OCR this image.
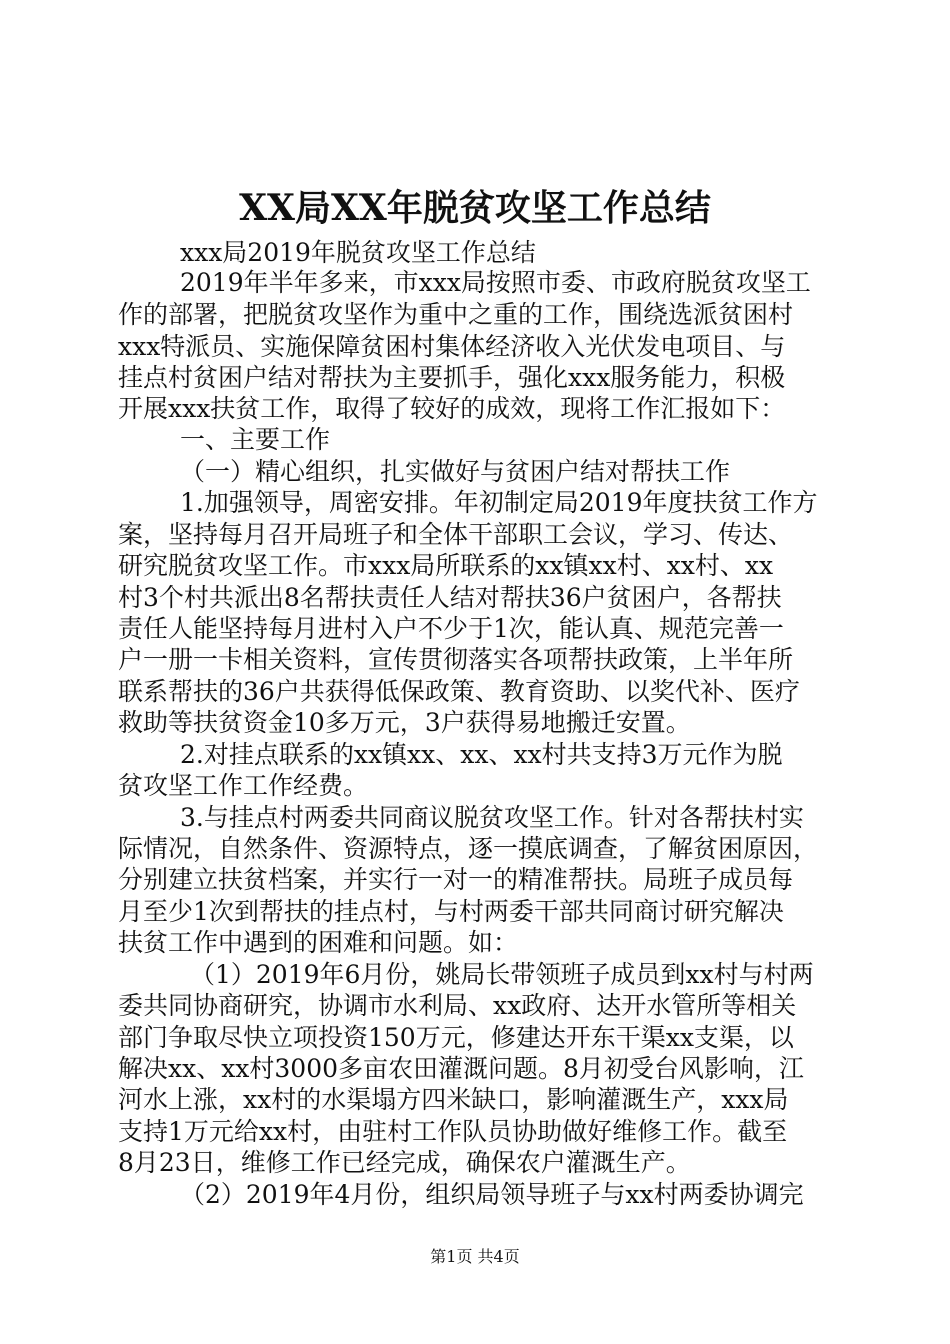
XX局XX年脱贫攻坚工作总结
xxx局2019年脱贫攻坚工作总结
2019年半年多来，市xxx局按照市委、市政府脱贫攻坚工
作的部署，把脱贫攻坚作为重中之重的工作，围绕选派贫困村
xxx特派员、实施保障贫困村集体经济收入光伏发电项目、与
挂点村贫困户结对帮扶为主要抓手，强化xxx服务能力，积极
开展xxx扶贫工作，取得了较好的成效，现将工作汇报如下：
一、主要工作
（一）精心组织，扎实做好与贫困户结对帮扶工作
1.加强领导，周密安排。年初制定局2019年度扶贫工作方
案，坚持每月召开局班子和全体干部职工会议，学习、传达、
研究脱贫攻坚工作。市xxx局所联系的xx镇xx村、xx村、xx
村3个村共派出8名帮扶责任人结对帮扶36户贫困户，各帮扶
责任人能坚持每月进村入户不少于1次，能认真、规范完善一
户一册一卡相关资料，宣传贯彻落实各项帮扶政策，上半年所
联系帮扶的36户共获得低保政策、教育资助、以奖代补、医疗
救助等扶贫资金10多万元，3户获得易地搬迁安置。
2.对挂点联系的xx镇xx、xx、xx村共支持3万元作为脱
贫攻坚工作工作经费。
3.与挂点村两委共同商议脱贫攻坚工作。针对各帮扶村实
际情况，自然条件、资源特点，逐一摸底调查，了解贫困原因，
分别建立扶贫档案，并实行一对一的精准帮扶。局班子成员每
月至少1次到帮扶的挂点村，与村两委干部共同商讨研究解决
扶贫工作中遇到的困难和问题。如：
（1）2019年6月份，姚局长带领班子成员到xx村与村两
委共同协商研究，协调市水利局、xx政府、达开水管所等相关
部门争取尽快立项投资150万元，修建达开东干渠xx支渠，以
解决xx、xx村3000多亩农田灌溉问题。8月初受台风影响，江
河水上涨，xx村的水渠塌方四米缺口，影响灌溉生产，xxx局
支持1万元给xx村，由驻村工作队员协助做好维修工作。截至
8月23日，维修工作已经完成，确保农户灌溉生产。
（2）2019年4月份，组织局领导班子与xx村两委协调完
第1页 共4页
